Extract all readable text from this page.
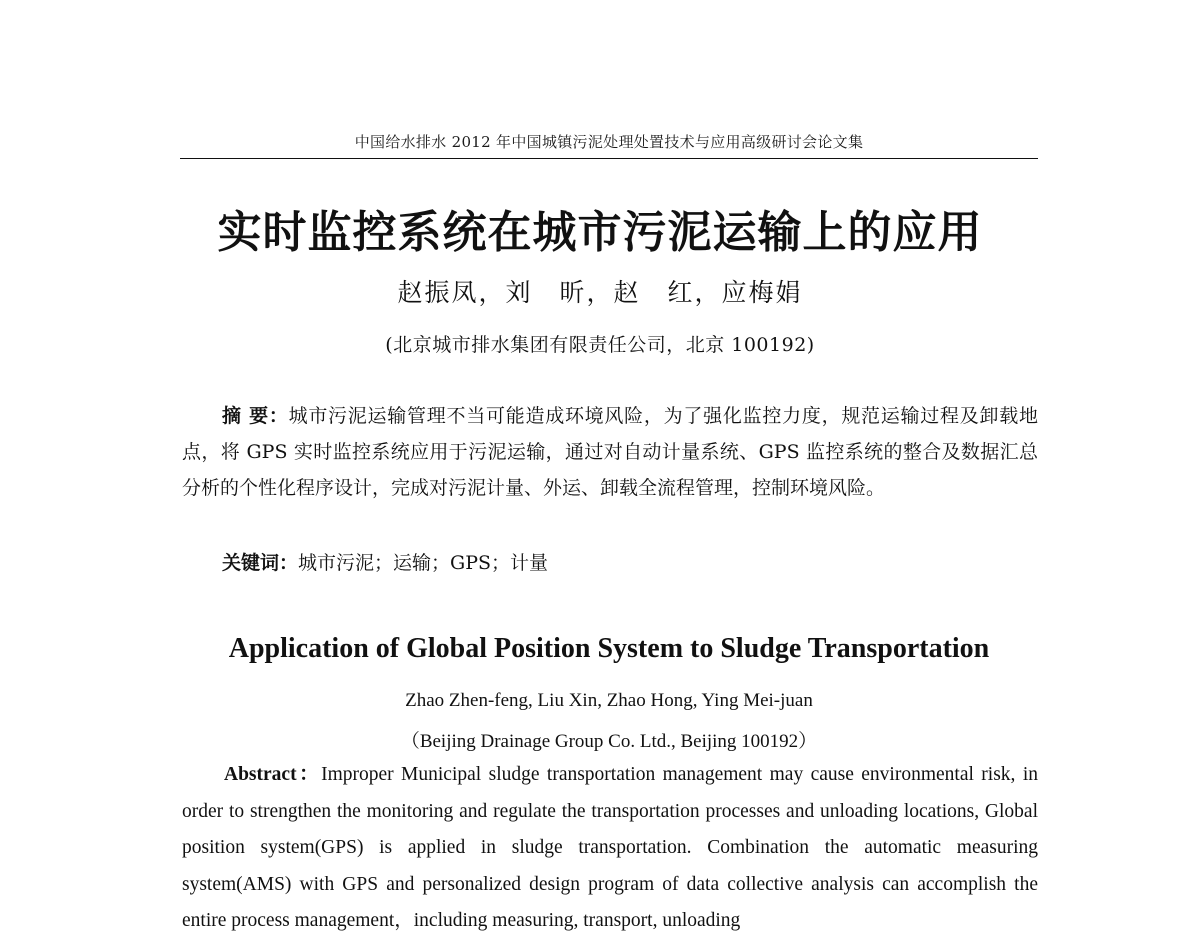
中国给水排水 2012 年中国城镇污泥处理处置技术与应用高级研讨会论文集
实时监控系统在城市污泥运输上的应用
赵振凤，刘　昕，赵　红，应梅娟
(北京城市排水集团有限责任公司，北京 100192)

摘 要：城市污泥运输管理不当可能造成环境风险，为了强化监控力度，规范运输过程及卸载地点，将 GPS 实时监控系统应用于污泥运输，通过对自动计量系统、GPS 监控系统的整合及数据汇总分析的个性化程序设计，完成对污泥计量、外运、卸载全流程管理，控制环境风险。

关键词：城市污泥；运输；GPS；计量

Application of Global Position System to Sludge Transportation
Zhao Zhen-feng, Liu Xin, Zhao Hong, Ying Mei-juan
（Beijing Drainage Group Co. Ltd., Beijing 100192）

Abstract：Improper Municipal sludge transportation management may cause environmental risk, in order to strengthen the monitoring and regulate the transportation processes and unloading locations, Global position system(GPS) is applied in sludge transportation. Combination the automatic measuring system(AMS) with GPS and personalized design program of data collective analysis can accomplish the entire process management，including measuring, transport, unloading
